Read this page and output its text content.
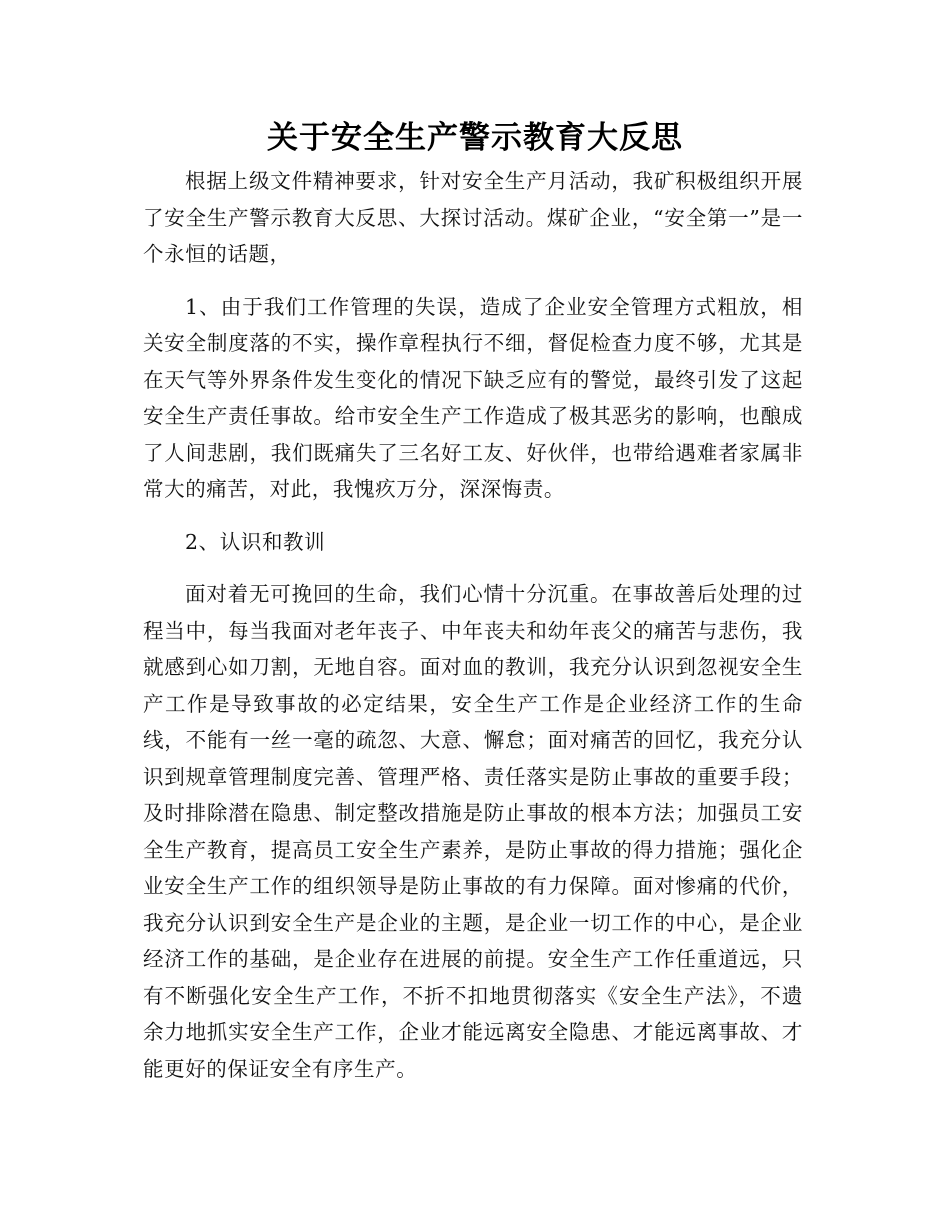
关于安全生产警示教育大反思

根据上级文件精神要求，针对安全生产月活动，我矿积极组织开展了安全生产警示教育大反思、大探讨活动。煤矿企业，“安全第一”是一个永恒的话题，

1、由于我们工作管理的失误，造成了企业安全管理方式粗放，相关安全制度落的不实，操作章程执行不细，督促检查力度不够，尤其是在天气等外界条件发生变化的情况下缺乏应有的警觉，最终引发了这起安全生产责任事故。给市安全生产工作造成了极其恶劣的影响，也酿成了人间悲剧，我们既痛失了三名好工友、好伙伴，也带给遇难者家属非常大的痛苦，对此，我愧疚万分，深深悔责。

2、认识和教训

面对着无可挽回的生命，我们心情十分沉重。在事故善后处理的过程当中，每当我面对老年丧子、中年丧夫和幼年丧父的痛苦与悲伤，我就感到心如刀割，无地自容。面对血的教训，我充分认识到忽视安全生产工作是导致事故的必定结果，安全生产工作是企业经济工作的生命线，不能有一丝一毫的疏忽、大意、懈怠；面对痛苦的回忆，我充分认识到规章管理制度完善、管理严格、责任落实是防止事故的重要手段；及时排除潜在隐患、制定整改措施是防止事故的根本方法；加强员工安全生产教育，提高员工安全生产素养，是防止事故的得力措施；强化企业安全生产工作的组织领导是防止事故的有力保障。面对惨痛的代价，我充分认识到安全生产是企业的主题，是企业一切工作的中心，是企业经济工作的基础，是企业存在进展的前提。安全生产工作任重道远，只有不断强化安全生产工作，不折不扣地贯彻落实《安全生产法》，不遗余力地抓实安全生产工作，企业才能远离安全隐患、才能远离事故、才能更好的保证安全有序生产。
